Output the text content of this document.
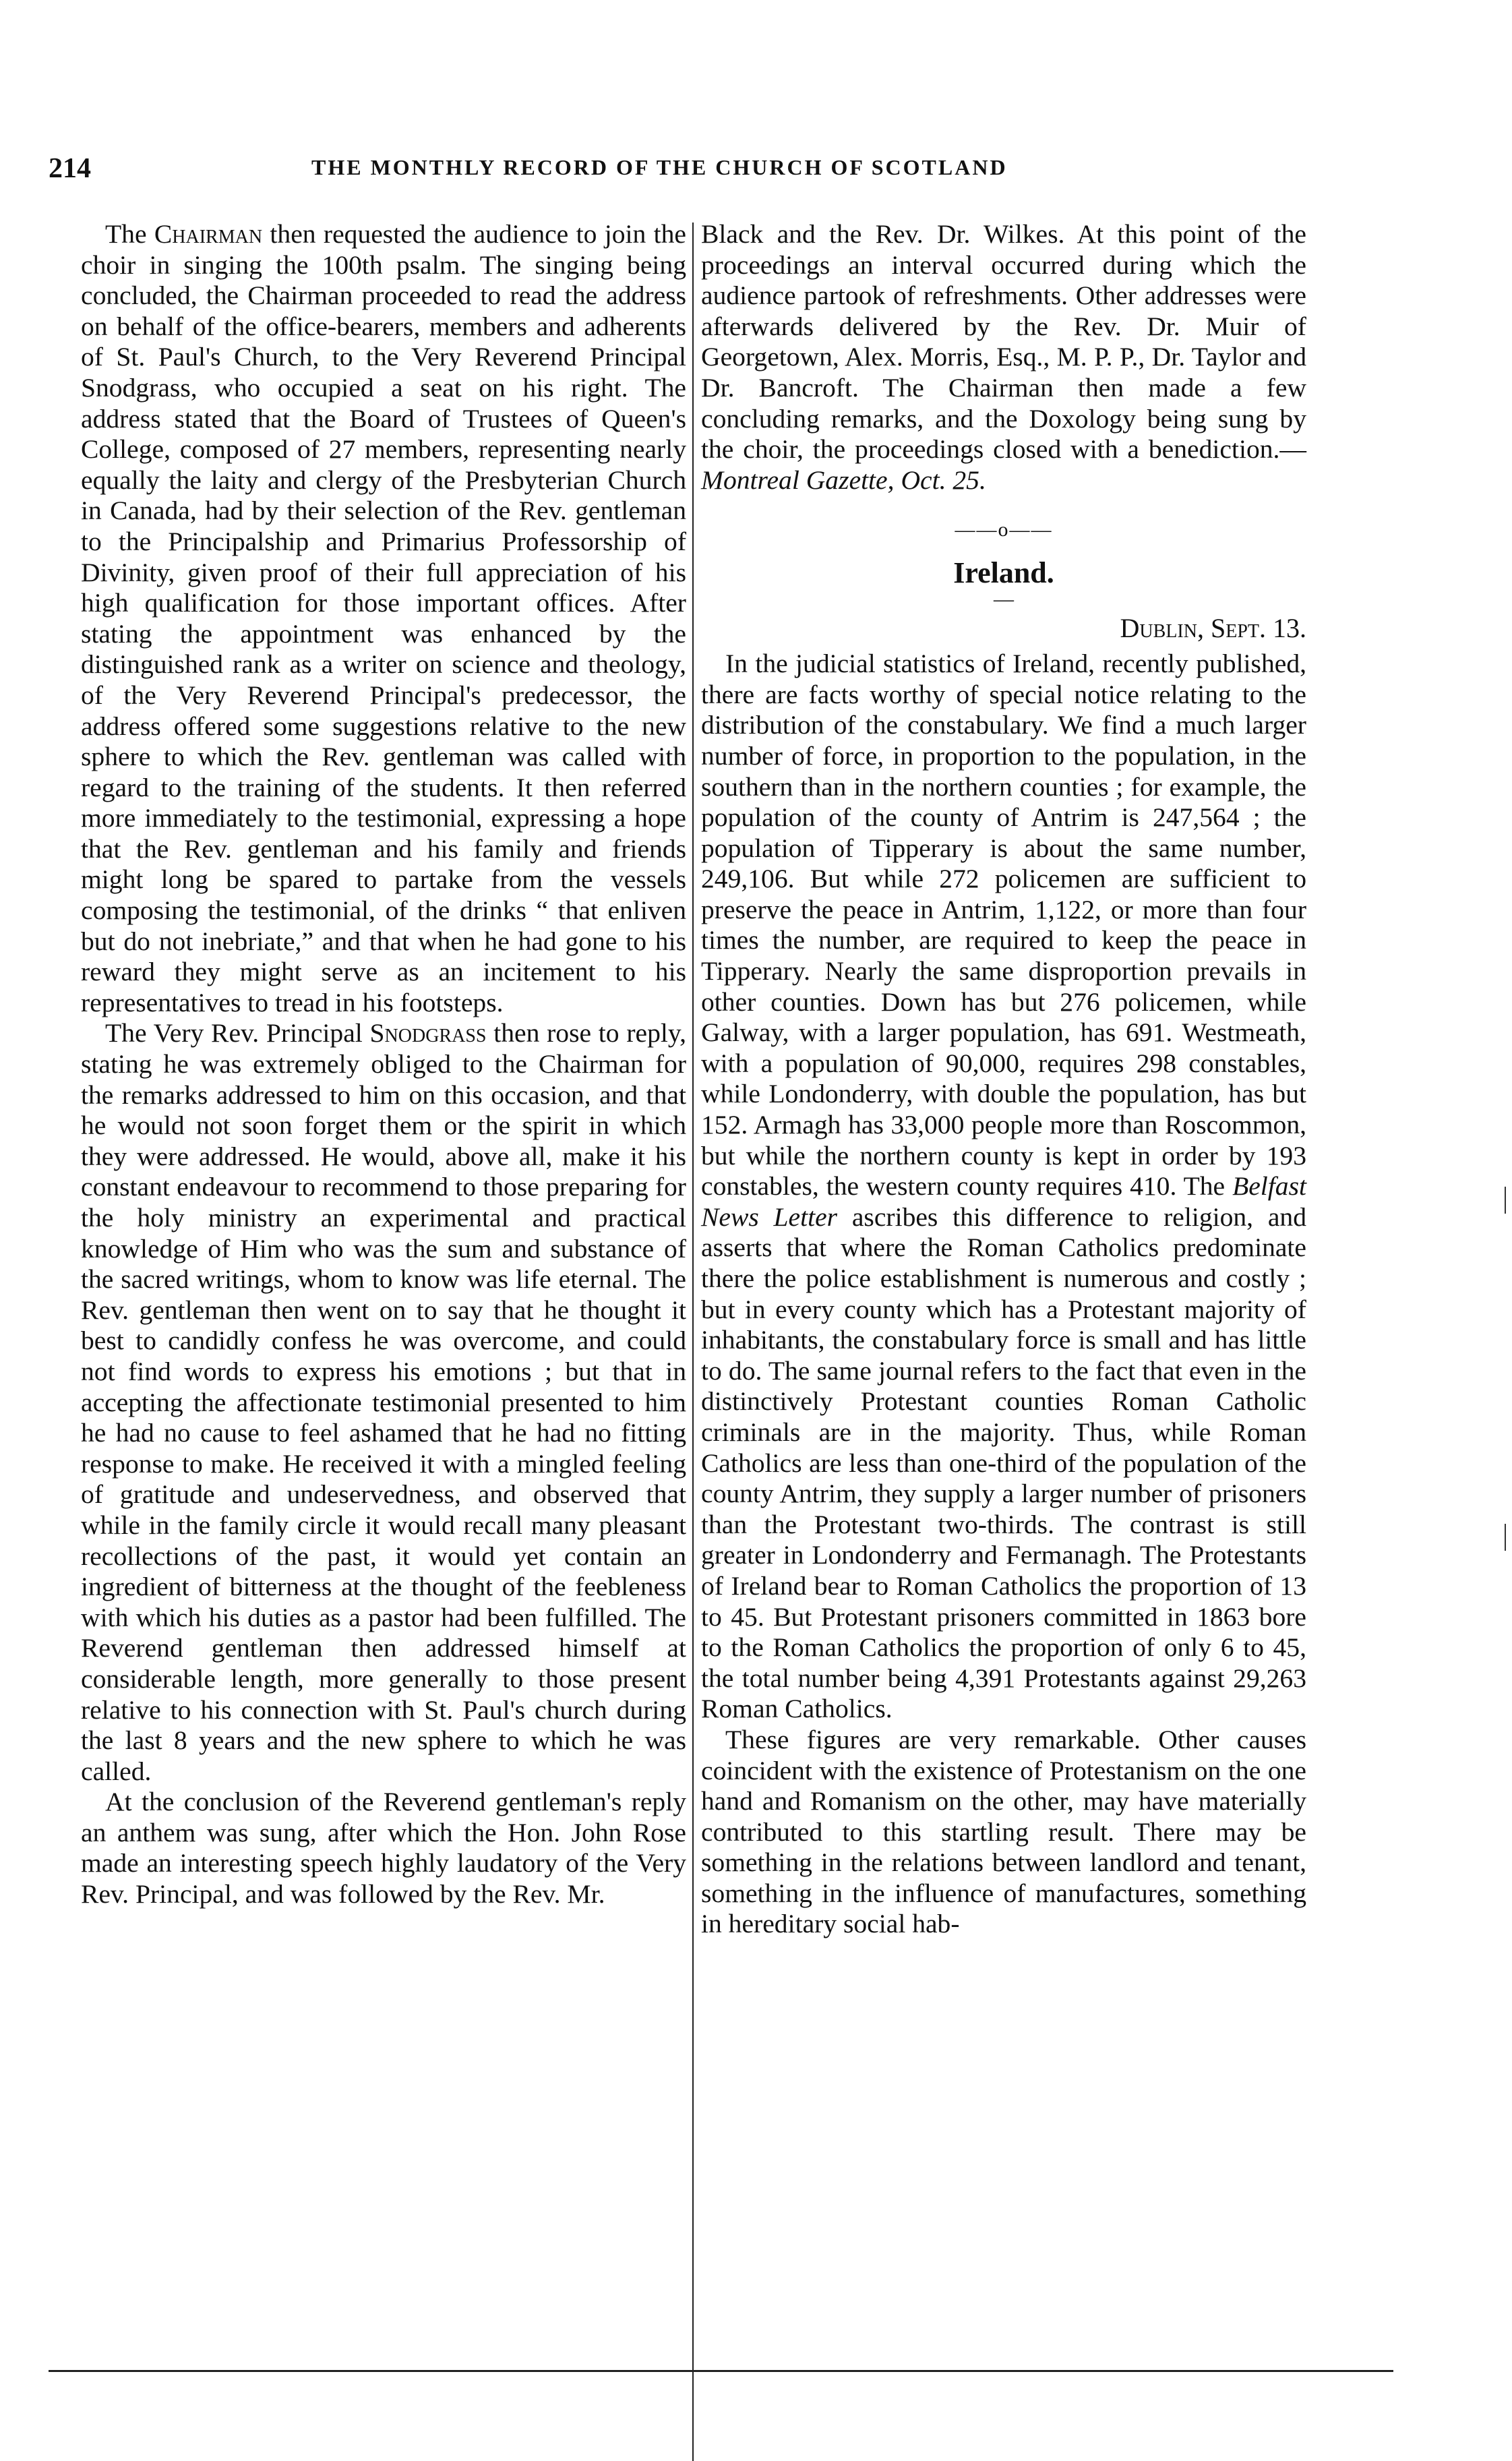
214	THE MONTHLY RECORD OF THE CHURCH OF SCOTLAND

The Chairman then requested the audience to join the choir in singing the 100th psalm. The singing being concluded, the Chairman proceeded to read the address on behalf of the office-bearers, members and adherents of St. Paul's Church, to the Very Reverend Principal Snodgrass, who occupied a seat on his right. The address stated that the Board of Trustees of Queen's College, composed of 27 members, representing nearly equally the laity and clergy of the Presbyterian Church in Canada, had by their selection of the Rev. gentleman to the Principalship and Primarius Professorship of Divinity, given proof of their full appreciation of his high qualification for those important offices. After stating the appointment was enhanced by the distinguished rank as a writer on science and theology, of the Very Reverend Principal's predecessor, the address offered some suggestions relative to the new sphere to which the Rev. gentleman was called with regard to the training of the students. It then referred more immediately to the testimonial, expressing a hope that the Rev. gentleman and his family and friends might long be spared to partake from the vessels composing the testimonial, of the drinks “ that enliven but do not inebriate,” and that when he had gone to his reward they might serve as an incitement to his representatives to tread in his footsteps.

The Very Rev. Principal Snodgrass then rose to reply, stating he was extremely obliged to the Chairman for the remarks addressed to him on this occasion, and that he would not soon forget them or the spirit in which they were addressed. He would, above all, make it his constant endeavour to recommend to those preparing for the holy ministry an experimental and practical knowledge of Him who was the sum and substance of the sacred writings, whom to know was life eternal. The Rev. gentleman then went on to say that he thought it best to candidly confess he was overcome, and could not find words to express his emotions ; but that in accepting the affectionate testimonial presented to him he had no cause to feel ashamed that he had no fitting response to make. He received it with a mingled feeling of gratitude and undeservedness, and observed that while in the family circle it would recall many pleasant recollections of the past, it would yet contain an ingredient of bitterness at the thought of the feebleness with which his duties as a pastor had been fulfilled. The Reverend gentleman then addressed himself at considerable length, more generally to those present relative to his connection with St. Paul's church during the last 8 years and the new sphere to which he was called.

At the conclusion of the Reverend gentleman's reply an anthem was sung, after which the Hon. John Rose made an interesting speech highly laudatory of the Very Rev. Principal, and was followed by the Rev. Mr.

Black and the Rev. Dr. Wilkes. At this point of the proceedings an interval occurred during which the audience partook of refreshments. Other addresses were afterwards delivered by the Rev. Dr. Muir of Georgetown, Alex. Morris, Esq., M. P. P., Dr. Taylor and Dr. Bancroft. The Chairman then made a few concluding remarks, and the Doxology being sung by the choir, the proceedings closed with a benediction.—Montreal Gazette, Oct. 25.

——o——
Ireland.
—
Dublin, Sept. 13.

In the judicial statistics of Ireland, recently published, there are facts worthy of special notice relating to the distribution of the constabulary. We find a much larger number of force, in proportion to the population, in the southern than in the northern counties ; for example, the population of the county of Antrim is 247,564 ; the population of Tipperary is about the same number, 249,106. But while 272 policemen are sufficient to preserve the peace in Antrim, 1,122, or more than four times the number, are required to keep the peace in Tipperary. Nearly the same disproportion prevails in other counties. Down has but 276 policemen, while Galway, with a larger population, has 691. Westmeath, with a population of 90,000, requires 298 constables, while Londonderry, with double the population, has but 152. Armagh has 33,000 people more than Roscommon, but while the northern county is kept in order by 193 constables, the western county requires 410. The Belfast News Letter ascribes this difference to religion, and asserts that where the Roman Catholics predominate there the police establishment is numerous and costly ; but in every county which has a Protestant majority of inhabitants, the constabulary force is small and has little to do. The same journal refers to the fact that even in the distinctively Protestant counties Roman Catholic criminals are in the majority. Thus, while Roman Catholics are less than one-third of the population of the county Antrim, they supply a larger number of prisoners than the Protestant two-thirds. The contrast is still greater in Londonderry and Fermanagh. The Protestants of Ireland bear to Roman Catholics the proportion of 13 to 45. But Protestant prisoners committed in 1863 bore to the Roman Catholics the proportion of only 6 to 45, the total number being 4,391 Protestants against 29,263 Roman Catholics.

These figures are very remarkable. Other causes coincident with the existence of Protestanism on the one hand and Romanism on the other, may have materially contributed to this startling result. There may be something in the relations between landlord and tenant, something in the influence of manufactures, something in hereditary social hab-
